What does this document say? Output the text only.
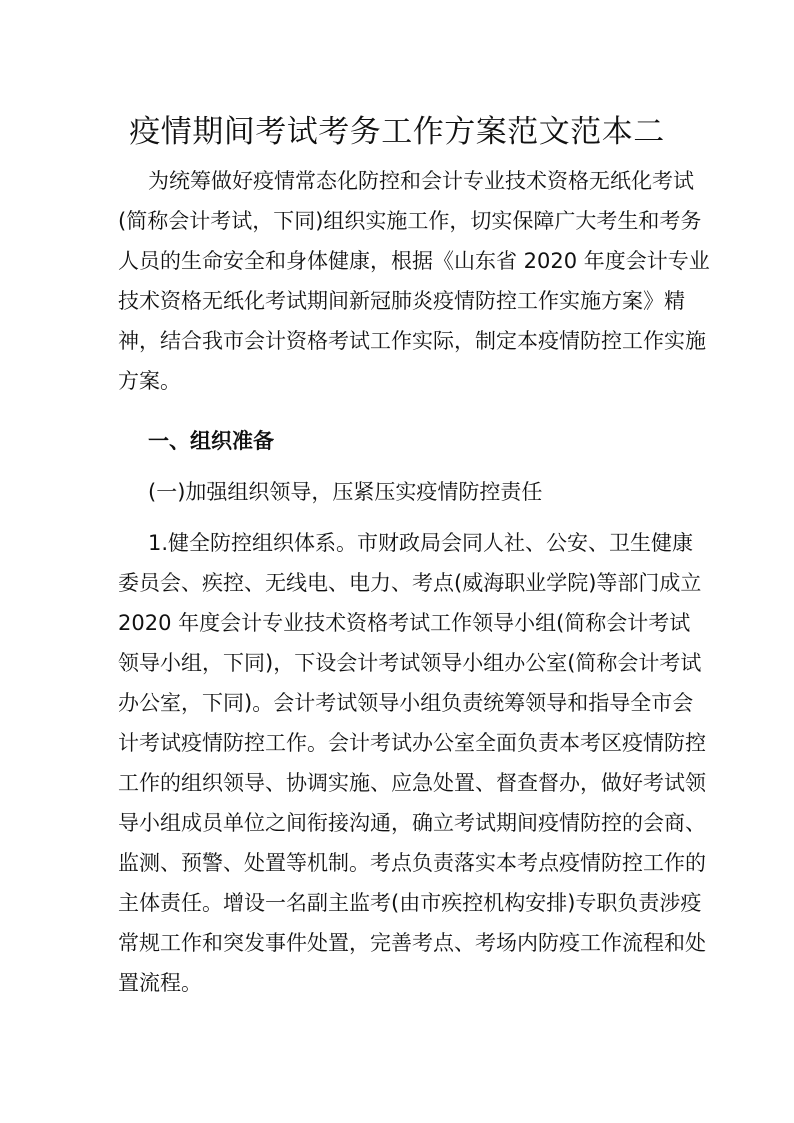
疫情期间考试考务工作方案范文范本二
为统筹做好疫情常态化防控和会计专业技术资格无纸化考试
(简称会计考试，下同)组织实施工作，切实保障广大考生和考务
人员的生命安全和身体健康，根据《山东省 2020 年度会计专业
技术资格无纸化考试期间新冠肺炎疫情防控工作实施方案》精
神，结合我市会计资格考试工作实际，制定本疫情防控工作实施
方案。
一、组织准备
(一)加强组织领导，压紧压实疫情防控责任
1.健全防控组织体系。市财政局会同人社、公安、卫生健康
委员会、疾控、无线电、电力、考点(威海职业学院)等部门成立
2020 年度会计专业技术资格考试工作领导小组(简称会计考试
领导小组，下同)，下设会计考试领导小组办公室(简称会计考试
办公室，下同)。会计考试领导小组负责统筹领导和指导全市会
计考试疫情防控工作。会计考试办公室全面负责本考区疫情防控
工作的组织领导、协调实施、应急处置、督查督办，做好考试领
导小组成员单位之间衔接沟通，确立考试期间疫情防控的会商、
监测、预警、处置等机制。考点负责落实本考点疫情防控工作的
主体责任。增设一名副主监考(由市疾控机构安排)专职负责涉疫
常规工作和突发事件处置，完善考点、考场内防疫工作流程和处
置流程。
